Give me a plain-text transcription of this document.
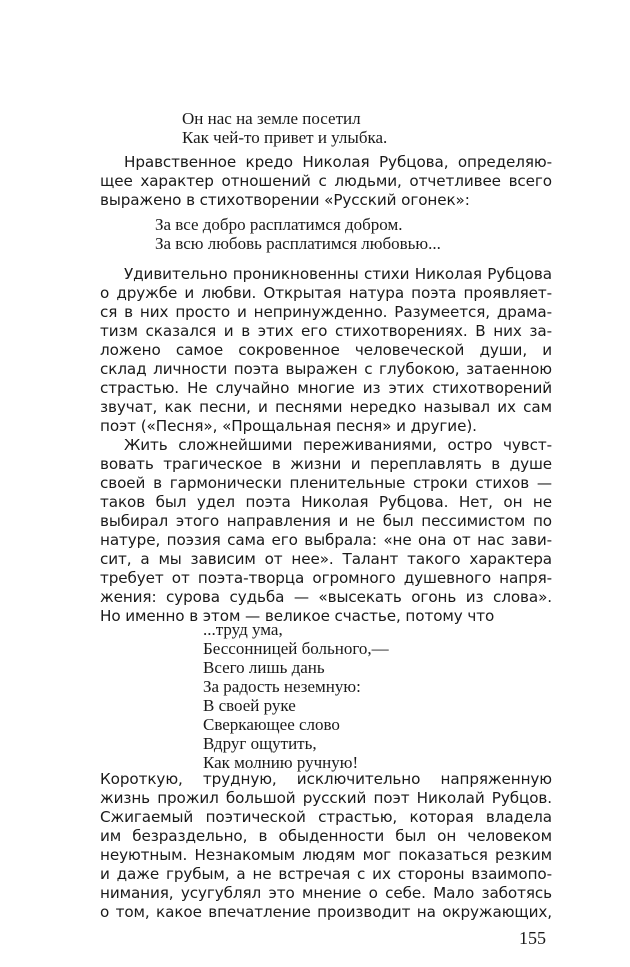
Он нас на земле посетил
Как чей-то привет и улыбка.
Нравственное кредо Николая Рубцова, определяю-
щее характер отношений с людьми, отчетливее всего
выражено в стихотворении «Русский огонек»:
За все добро расплатимся добром.
За всю любовь расплатимся любовью...
Удивительно проникновенны стихи Николая Рубцова
о дружбе и любви. Открытая натура поэта проявляет-
ся в них просто и непринужденно. Разумеется, драма-
тизм сказался и в этих его стихотворениях. В них за-
ложено самое сокровенное человеческой души, и
склад личности поэта выражен с глубокою, затаенною
страстью. Не случайно многие из этих стихотворений
звучат, как песни, и песнями нередко называл их сам
поэт («Песня», «Прощальная песня» и другие).
Жить сложнейшими переживаниями, остро чувст-
вовать трагическое в жизни и переплавлять в душе
своей в гармонически пленительные строки стихов —
таков был удел поэта Николая Рубцова. Нет, он не
выбирал этого направления и не был пессимистом по
натуре, поэзия сама его выбрала: «не она от нас зави-
сит, а мы зависим от нее». Талант такого характера
требует от поэта-творца огромного душевного напря-
жения: сурова судьба — «высекать огонь из слова».
Но именно в этом — великое счастье, потому что
...труд ума,
Бессонницей больного,—
Всего лишь дань
За радость неземную:
В своей руке
Сверкающее слово
Вдруг ощутить,
Как молнию ручную!
Короткую, трудную, исключительно напряженную
жизнь прожил большой русский поэт Николай Рубцов.
Сжигаемый поэтической страстью, которая владела
им безраздельно, в обыденности был он человеком
неуютным. Незнакомым людям мог показаться резким
и даже грубым, а не встречая с их стороны взаимопо-
нимания, усугублял это мнение о себе. Мало заботясь
о том, какое впечатление производит на окружающих,
155
